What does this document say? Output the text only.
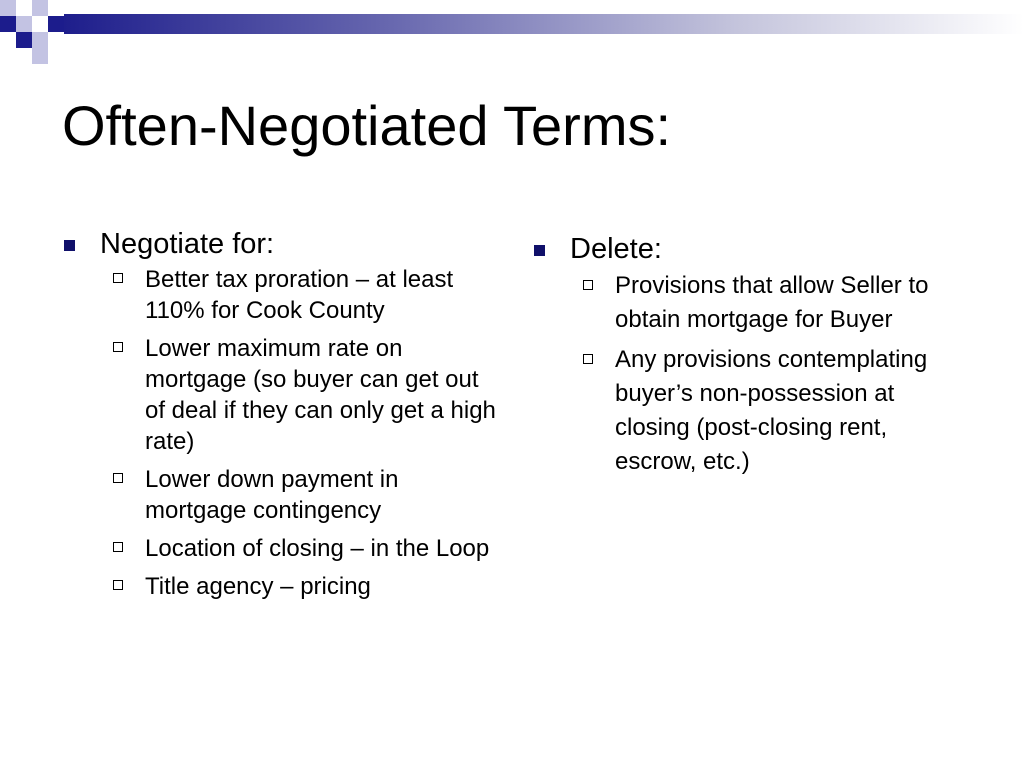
Often-Negotiated Terms:
Negotiate for:
Better tax proration – at least 110% for Cook County
Lower maximum rate on mortgage (so buyer can get out of deal if they can only get a high rate)
Lower down payment in mortgage contingency
Location of closing – in the Loop
Title agency – pricing
Delete:
Provisions that allow Seller to obtain mortgage for Buyer
Any provisions contemplating buyer’s non-possession at closing (post-closing rent, escrow, etc.)
